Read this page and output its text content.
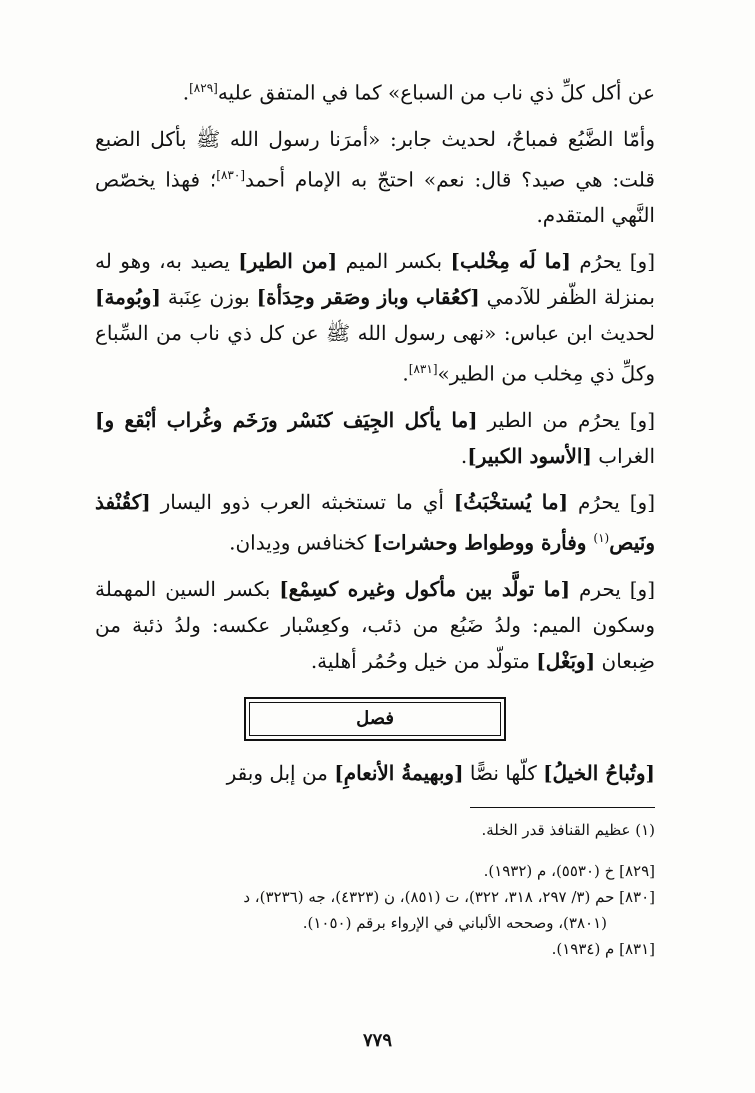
عن أكل كلِّ ذي ناب من السباع» كما في المتفق عليه[٨٢٩].

وأمّا الضَّبُع فمباحٌ، لحديث جابر: «أمرَنا رسول الله ﷺ بأكل الضبع قلت: هي صيد؟ قال: نعم» احتجّ به الإمام أحمد[٨٣٠]؛ فهذا يخصّص النَّهي المتقدم.

[و] يحرُم [ما لَه مِخْلب] بكسر الميم [من الطير] يصيد به، وهو له بمنزلة الظّفر للآدمي [كعُقاب وباز وصَقر وحِدَأة] بوزن عِنَبة [وبُومة] لحديث ابن عباس: «نهى رسول الله ﷺ عن كل ذي ناب من السِّباع وكلِّ ذي مِخلب من الطير»[٨٣١].

[و] يحرُم من الطير [ما يأكل الجِيَف كنَسْر ورَخَم وغُراب أبْقع و] الغراب [الأسود الكبير].

[و] يحرُم [ما يُستخْبَثُ] أي ما تستخبثه العرب ذوو اليسار [كقُنْفذ ونَيص$^{(١)}$ وفأرة ووطواط وحشرات] كخنافس ودِيدان.

[و] يحرم [ما تولَّد بين مأكول وغيره كسِمْع] بكسر السين المهملة وسكون الميم: ولدُ ضَبُع من ذئب، وكعِسْبار عكسه: ولدُ ذئبة من ضِبعان [وبَغْل] متولّد من خيل وحُمُر أهلية.

فصل

[وتُباحُ الخيلُ] كلّها نصًّا [وبهيمةُ الأنعامِ] من إبل وبقر

(١) عظيم القنافذ قدر الخلة.

[٨٢٩] خ (٥٥٣٠)، م (١٩٣٢).

[٨٣٠] حم (٣/ ٢٩٧، ٣١٨، ٣٢٢)، ت (٨٥١)، ن (٤٣٢٣)، جه (٣٢٣٦)، د

(٣٨٠١)، وصححه الألباني في الإرواء برقم (١٠٥٠).

[٨٣١] م (١٩٣٤).

٧٧٩
